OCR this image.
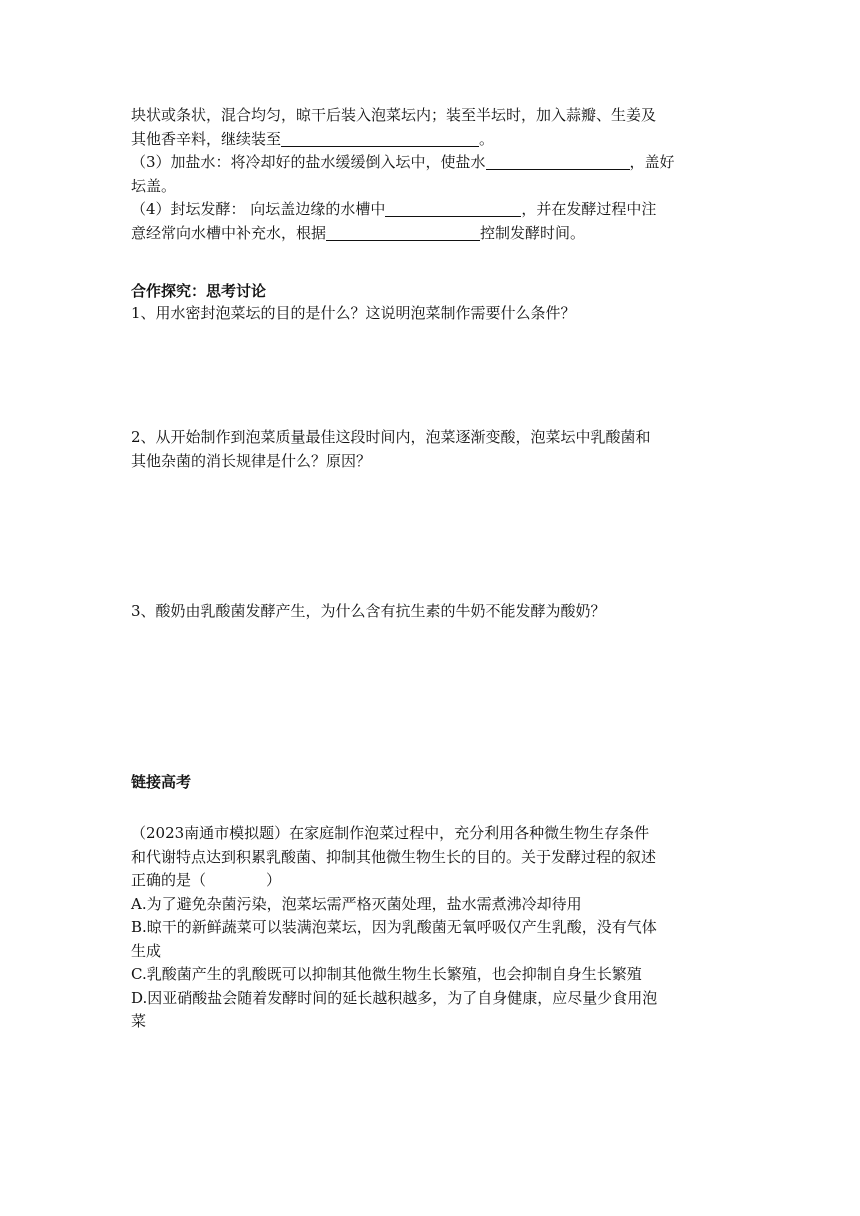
块状或条状，混合均匀，晾干后装入泡菜坛内；装至半坛时，加入蒜瓣、生姜及
其他香辛料，继续装至	。
（3）加盐水：将冷却好的盐水缓缓倒入坛中，使盐水	，盖好
坛盖。
（4）封坛发酵： 向坛盖边缘的水槽中	，并在发酵过程中注
意经常向水槽中补充水，根据	控制发酵时间。

合作探究：思考讨论

1、用水密封泡菜坛的目的是什么？这说明泡菜制作需要什么条件？
2、从开始制作到泡菜质量最佳这段时间内，泡菜逐渐变酸，泡菜坛中乳酸菌和
其他杂菌的消长规律是什么？原因？
3、酸奶由乳酸菌发酵产生，为什么含有抗生素的牛奶不能发酵为酸奶？

链接高考

（2023南通市模拟题）在家庭制作泡菜过程中，充分利用各种微生物生存条件
和代谢特点达到积累乳酸菌、抑制其他微生物生长的目的。关于发酵过程的叙述
正确的是（	）
A.为了避免杂菌污染，泡菜坛需严格灭菌处理，盐水需煮沸冷却待用
B.晾干的新鲜蔬菜可以装满泡菜坛，因为乳酸菌无氧呼吸仅产生乳酸，没有气体
生成
C.乳酸菌产生的乳酸既可以抑制其他微生物生长繁殖，也会抑制自身生长繁殖
D.因亚硝酸盐会随着发酵时间的延长越积越多，为了自身健康，应尽量少食用泡
菜
